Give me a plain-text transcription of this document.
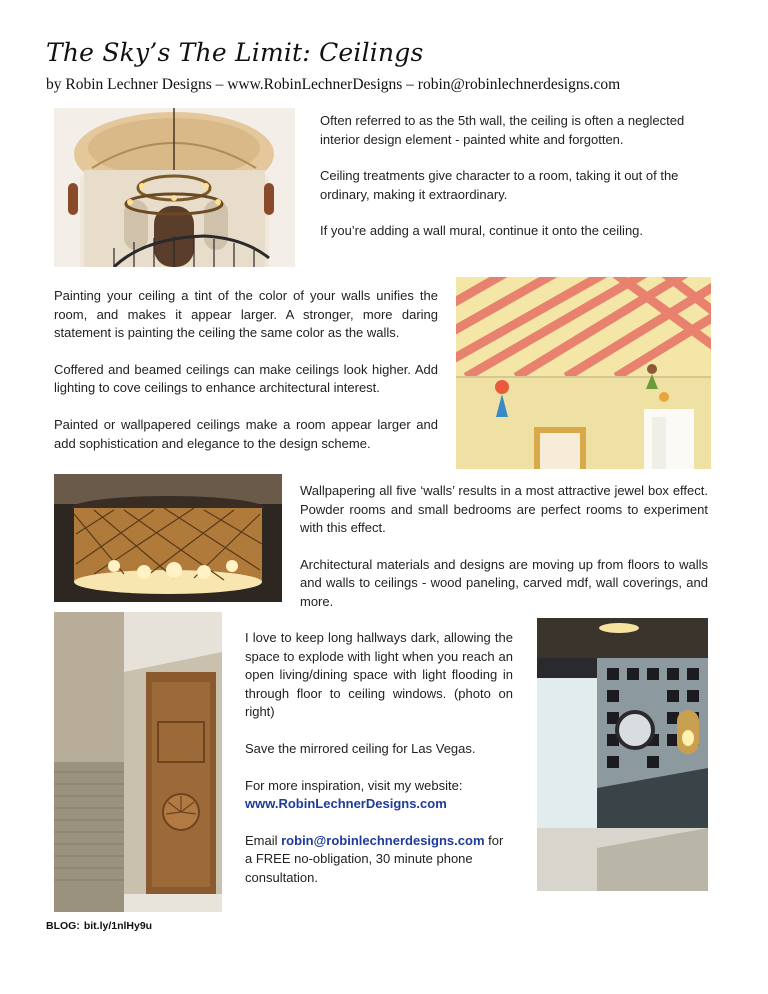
The Sky’s The Limit: Ceilings
by Robin Lechner Designs – www.RobinLechnerDesigns – robin@robinlechnerdesigns.com

Often referred to as the 5th wall, the ceiling is often a neglected interior design element - painted white and forgotten.

Ceiling treatments give character to a room, taking it out of the ordinary, making it extraordinary.

If you’re adding a wall mural, continue it onto the ceiling.

Painting your ceiling a tint of the color of your walls unifies the room, and makes it appear larger. A stronger, more daring statement is painting the ceiling the same color as the walls.

Coffered and beamed ceilings can make ceilings look higher. Add lighting to cove ceilings to enhance architectural interest.

Painted or wallpapered ceilings make a room appear larger and add sophistication and elegance to the design scheme.

Wallpapering all five ‘walls’ results in a most attractive jewel box effect. Powder rooms and small bedrooms are perfect rooms to experiment with this effect.

Architectural materials and designs are moving up from floors to walls and walls to ceilings - wood paneling, carved mdf, wall coverings, and more.

I love to keep long hallways dark, allowing the space to explode with light when you reach an open living/dining space with light flooding in through floor to ceiling windows. (photo on right)

Save the mirrored ceiling for Las Vegas.

For more inspiration, visit my website:
www.RobinLechnerDesigns.com

Email robin@robinlechnerdesigns.com for a FREE no-obligation, 30 minute phone consultation.

BLOG: bit.ly/1nlHy9u
